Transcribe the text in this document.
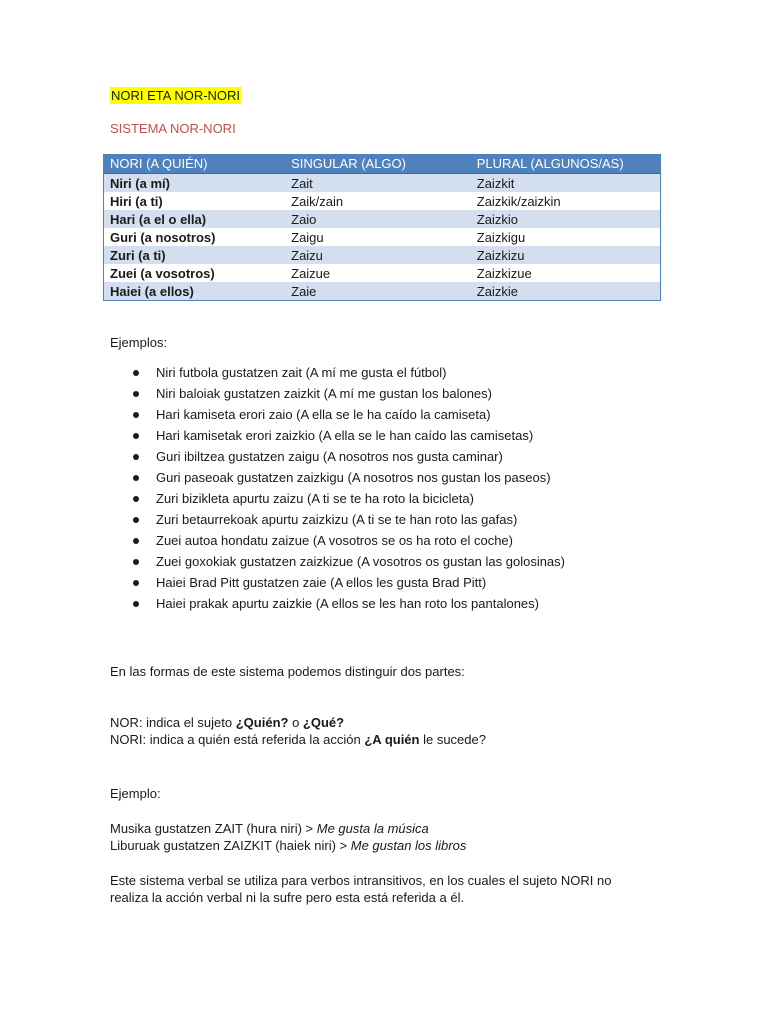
NORI ETA NOR-NORI
SISTEMA NOR-NORI
NORI (A QUIÉN)	SINGULAR (ALGO)	PLURAL (ALGUNOS/AS)
Niri (a mí)	Zait	Zaizkit
Hiri (a ti)	Zaik/zain	Zaizkik/zaizkin
Hari (a el o ella)	Zaio	Zaizkio
Guri (a nosotros)	Zaigu	Zaizkigu
Zuri (a ti)	Zaizu	Zaizkizu
Zuei (a vosotros)	Zaizue	Zaizkizue
Haiei (a ellos)	Zaie	Zaizkie
Ejemplos:
Niri futbola gustatzen zait (A mí me gusta el fútbol)
Niri baloiak gustatzen zaizkit (A mí me gustan los balones)
Hari kamiseta erori zaio (A ella se le ha caído la camiseta)
Hari kamisetak erori zaizkio (A ella se le han caído las camisetas)
Guri ibiltzea gustatzen zaigu (A nosotros nos gusta caminar)
Guri paseoak gustatzen zaizkigu (A nosotros nos gustan los paseos)
Zuri bizikleta apurtu zaizu (A ti se te ha roto la bicicleta)
Zuri betaurrekoak apurtu zaizkizu (A ti se te han roto las gafas)
Zuei autoa hondatu zaizue (A vosotros se os ha roto el coche)
Zuei goxokiak gustatzen zaizkizue (A vosotros os gustan las golosinas)
Haiei Brad Pitt gustatzen zaie (A ellos les gusta Brad Pitt)
Haiei prakak apurtu zaizkie (A ellos se les han roto los pantalones)
En las formas de este sistema podemos distinguir dos partes:
NOR: indica el sujeto ¿Quién? o ¿Qué?
NORI: indica a quién está referida la acción ¿A quién le sucede?
Ejemplo:
Musika gustatzen ZAIT (hura niri) > Me gusta la música
Liburuak gustatzen ZAIZKIT (haiek niri) > Me gustan los libros
Este sistema verbal se utiliza para verbos intransitivos, en los cuales el sujeto NORI no
realiza la acción verbal ni la sufre pero esta está referida a él.
